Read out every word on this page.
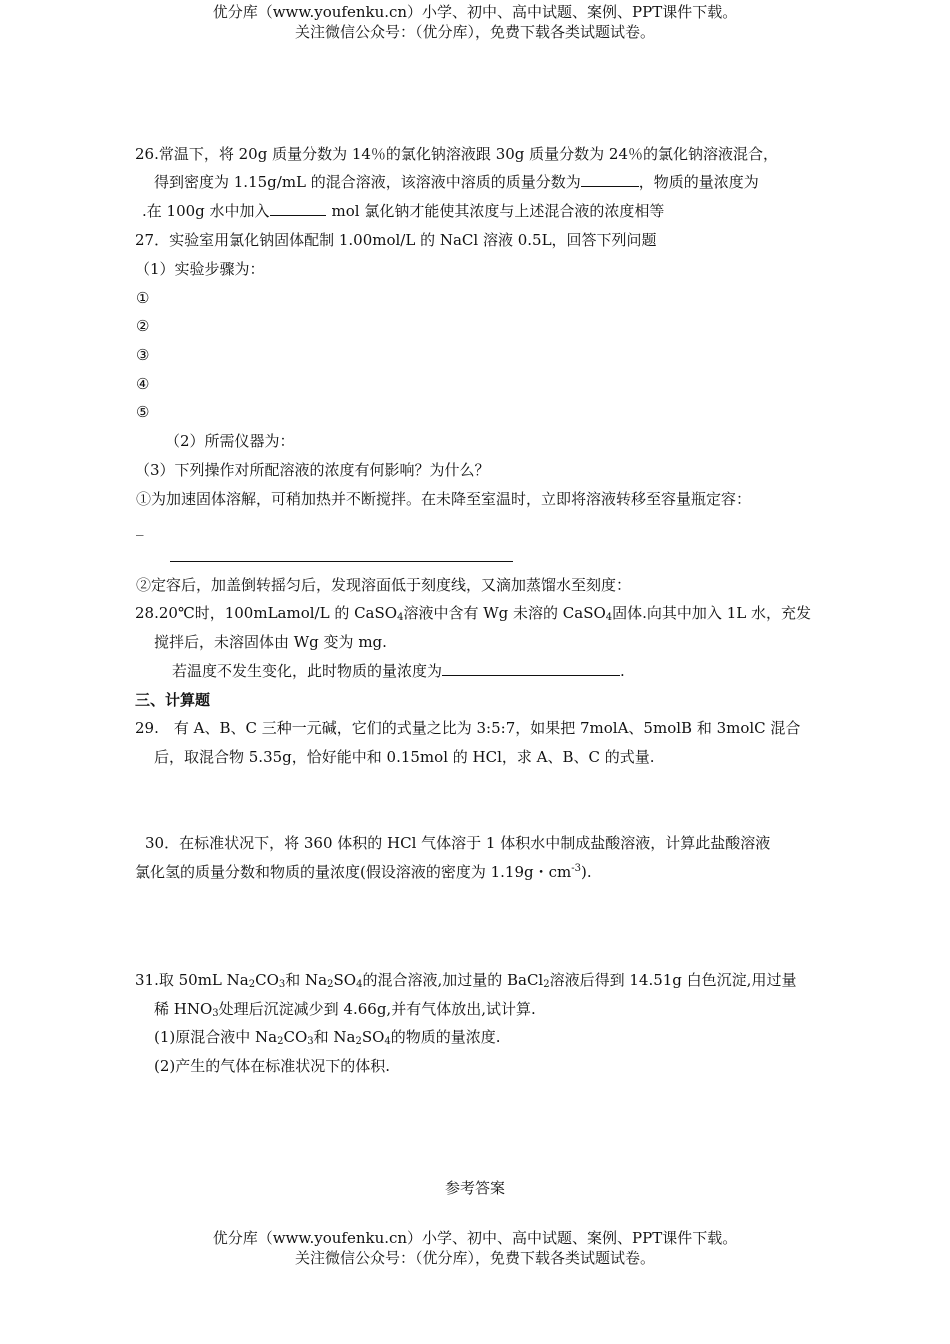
优分库（www.youfenku.cn）小学、初中、高中试题、案例、PPT课件下载。
关注微信公众号：（优分库），免费下载各类试题试卷。
26.常温下，将 20g 质量分数为 14％的氯化钠溶液跟 30g 质量分数为 24％的氯化钠溶液混合，
得到密度为 1.15g/mL 的混合溶液，该溶液中溶质的质量分数为	，物质的量浓度为
.在 100g 水中加入	mol 氯化钠才能使其浓度与上述混合液的浓度相等
27．实验室用氯化钠固体配制 1.00mol/L 的 NaCl 溶液 0.5L，回答下列问题
（1）实验步骤为：
①
②
③
④
⑤
（2）所需仪器为：
（3）下列操作对所配溶液的浓度有何影响？为什么？
①为加速固体溶解，可稍加热并不断搅拌。在未降至室温时，立即将溶液转移至容量瓶定容：
_
②定容后，加盖倒转摇匀后，发现溶面低于刻度线，又滴加蒸馏水至刻度：
28.20℃时，100mLamol/L 的 CaSO$_4$溶液中含有 Wg 未溶的 CaSO$_4$固体.向其中加入 1L 水，充发
搅拌后，未溶固体由 Wg 变为 mg.
若温度不发生变化，此时物质的量浓度为	.
三、计算题
29.　有 A、B、C 三种一元碱，它们的式量之比为 3:5:7，如果把 7molA、5molB 和 3molC 混合
后，取混合物 5.35g，恰好能中和 0.15mol 的 HCl，求 A、B、C 的式量.
30．在标准状况下，将 360 体积的 HCl 气体溶于 1 体积水中制成盐酸溶液，计算此盐酸溶液
氯化氢的质量分数和物质的量浓度(假设溶液的密度为 1.19g・$cm^{-3}$).
31.取 50mL $Na_2CO_3$和 $Na_2SO_4$的混合溶液,加过量的 BaCl$_2$溶液后得到 14.51g 白色沉淀,用过量
稀 $HNO_3$处理后沉淀减少到 4.66g,并有气体放出,试计算.
(1)原混合液中 $Na_2CO_3$和 $Na_2SO_4$的物质的量浓度.
(2)产生的气体在标准状况下的体积.
参考答案
优分库（www.youfenku.cn）小学、初中、高中试题、案例、PPT课件下载。
关注微信公众号：（优分库），免费下载各类试题试卷。
